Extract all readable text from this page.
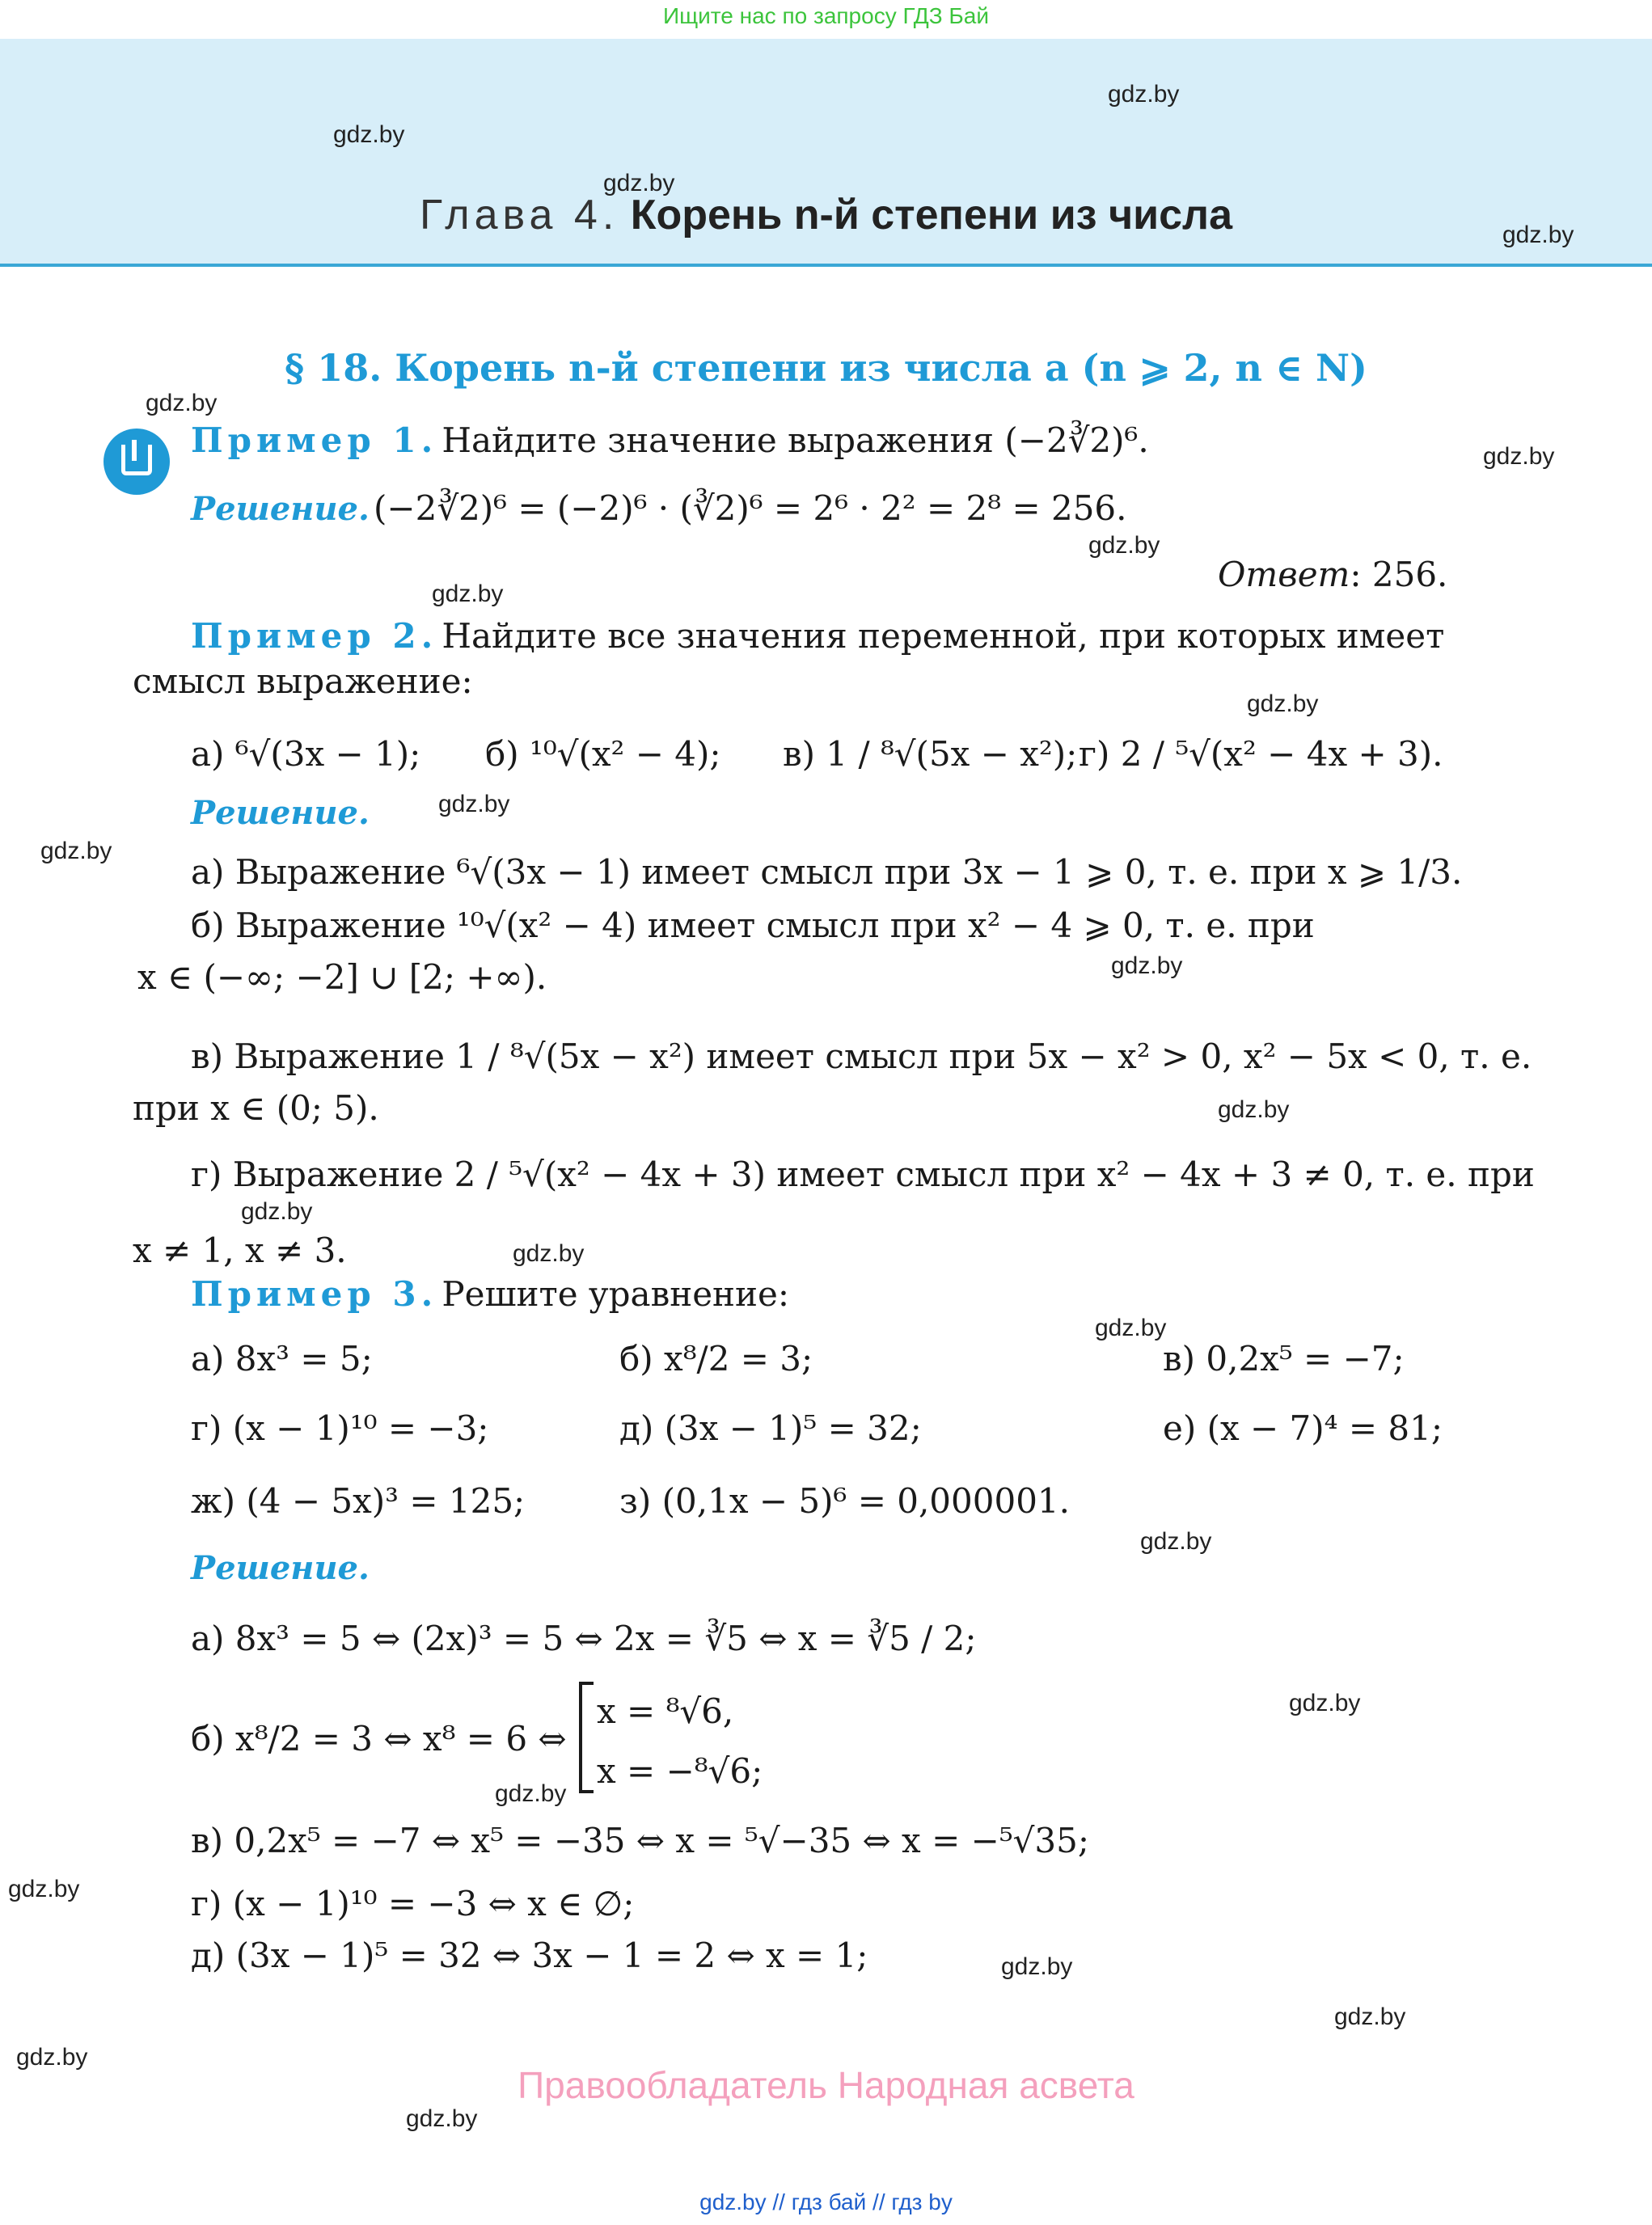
Ищите нас по запросу ГДЗ Бай
Глава 4. Корень n-й степени из числа
§ 18. Корень n-й степени из числа a (n ⩾ 2, n ∈ N)
gdz.by
gdz.by
gdz.by
gdz.by
gdz.by
gdz.by
gdz.by
gdz.by
gdz.by
gdz.by
gdz.by
gdz.by
gdz.by
gdz.by
gdz.by
gdz.by
gdz.by
gdz.by
gdz.by
gdz.by
gdz.by
gdz.by
gdz.by
gdz.by
Пример 1. Найдите значение выражения (−2∛2)⁶.
Решение. (−2∛2)⁶ = (−2)⁶ · (∛2)⁶ = 2⁶ · 2² = 2⁸ = 256.
Ответ: 256.
Пример 2. Найдите все значения переменной, при которых имеет
смысл выражение:
а) ⁶√(3x − 1); б) ¹⁰√(x² − 4); в) 1 / ⁸√(5x − x²); г) 2 / ⁵√(x² − 4x + 3).
Решение.
а) Выражение ⁶√(3x − 1) имеет смысл при 3x − 1 ⩾ 0, т. е. при x ⩾ 1/3.
б) Выражение ¹⁰√(x² − 4) имеет смысл при x² − 4 ⩾ 0, т. е. при
x ∈ (−∞; −2] ∪ [2; +∞).
в) Выражение 1 / ⁸√(5x − x²) имеет смысл при 5x − x² > 0, x² − 5x < 0, т. е.
при x ∈ (0; 5).
г) Выражение 2 / ⁵√(x² − 4x + 3) имеет смысл при x² − 4x + 3 ≠ 0, т. е. при
x ≠ 1, x ≠ 3.
Пример 3. Решите уравнение:
а) 8x³ = 5;	б) x⁸/2 = 3;	в) 0,2x⁵ = −7;
г) (x − 1)¹⁰ = −3;	д) (3x − 1)⁵ = 32;	е) (x − 7)⁴ = 81;
ж) (4 − 5x)³ = 125;	з) (0,1x − 5)⁶ = 0,000001.
Решение.
а) 8x³ = 5 ⇔ (2x)³ = 5 ⇔ 2x = ∛5 ⇔ x = ∛5 / 2;
б) x⁸/2 = 3 ⇔ x⁸ = 6 ⇔
x = ⁸√6,
x = −⁸√6;
в) 0,2x⁵ = −7 ⇔ x⁵ = −35 ⇔ x = ⁵√−35 ⇔ x = −⁵√35;
г) (x − 1)¹⁰ = −3 ⇔ x ∈ ∅;
д) (3x − 1)⁵ = 32 ⇔ 3x − 1 = 2 ⇔ x = 1;
Правообладатель Народная асвета
gdz.by // гдз бай // гдз by
